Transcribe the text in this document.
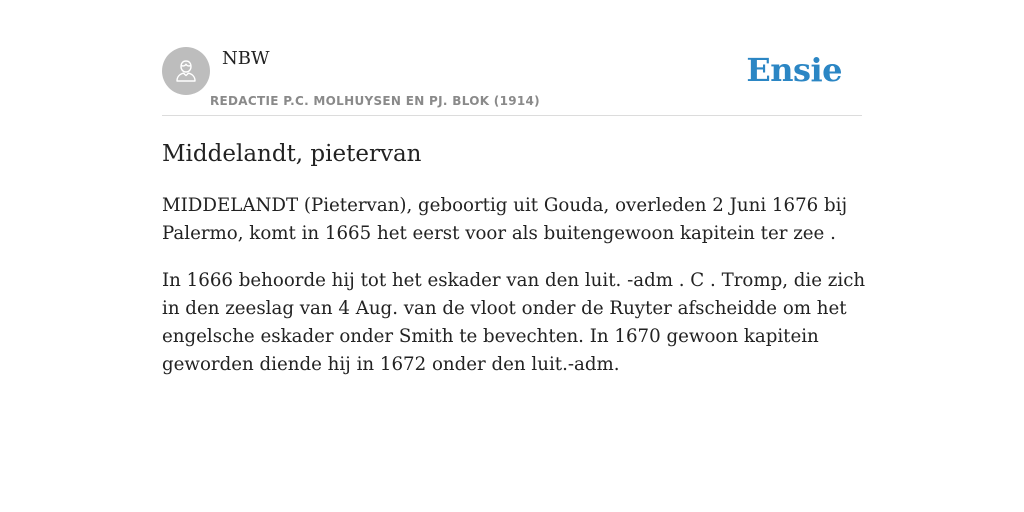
NBW
REDACTIE P.C. MOLHUYSEN EN PJ. BLOK (1914)
Ensie
Middelandt, pietervan

MIDDELANDT (Pietervan), geboortig uit Gouda, overleden 2 Juni 1676 bij Palermo, komt in 1665 het eerst voor als buitengewoon kapitein ter zee .

In 1666 behoorde hij tot het eskader van den luit. -adm . C . Tromp, die zich in den zeeslag van 4 Aug. van de vloot onder de Ruyter afscheidde om het engelsche eskader onder Smith te bevechten. In 1670 gewoon kapitein geworden diende hij in 1672 onder den luit.-adm.
